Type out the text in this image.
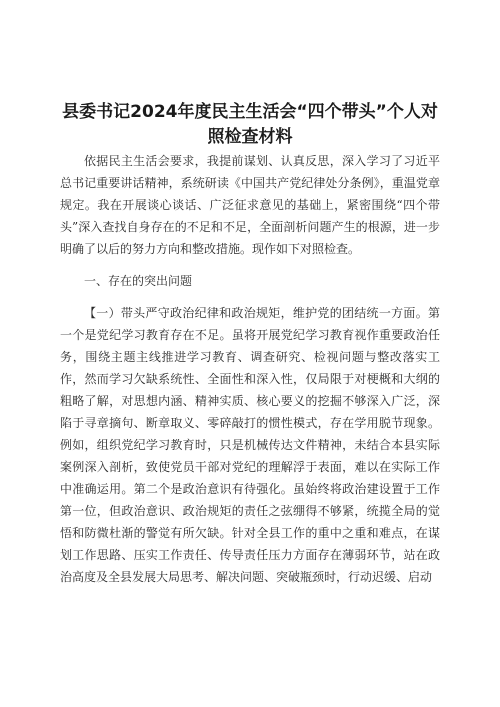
县委书记2024年度民主生活会“四个带头”个人对照检查材料

依据民主生活会要求，我提前谋划、认真反思，深入学习了习近平总书记重要讲话精神，系统研读《中国共产党纪律处分条例》，重温党章规定。我在开展谈心谈话、广泛征求意见的基础上，紧密围绕“四个带头”深入查找自身存在的不足和不足，全面剖析问题产生的根源，进一步明确了以后的努力方向和整改措施。现作如下对照检查。

一、存在的突出问题

【一）带头严守政治纪律和政治规矩，维护党的团结统一方面。第一个是党纪学习教育存在不足。虽将开展党纪学习教育视作重要政治任务，围绕主题主线推进学习教育、调查研究、检视问题与整改落实工作，然而学习欠缺系统性、全面性和深入性，仅局限于对梗概和大纲的粗略了解，对思想内涵、精神实质、核心要义的挖掘不够深入广泛，深陷于寻章摘句、断章取义、零碎敲打的惯性模式，存在学用脱节现象。例如，组织党纪学习教育时，只是机械传达文件精神，未结合本县实际案例深入剖析，致使党员干部对党纪的理解浮于表面，难以在实际工作中准确运用。第二个是政治意识有待强化。虽始终将政治建设置于工作第一位，但政治意识、政治规矩的责任之弦绷得不够紧，统揽全局的觉悟和防微杜渐的警觉有所欠缺。针对全县工作的重中之重和难点，在谋划工作思路、压实工作责任、传导责任压力方面存在薄弱环节，站在政治高度及全县发展大局思考、解决问题、突破瓶颈时，行动迟缓、启动
